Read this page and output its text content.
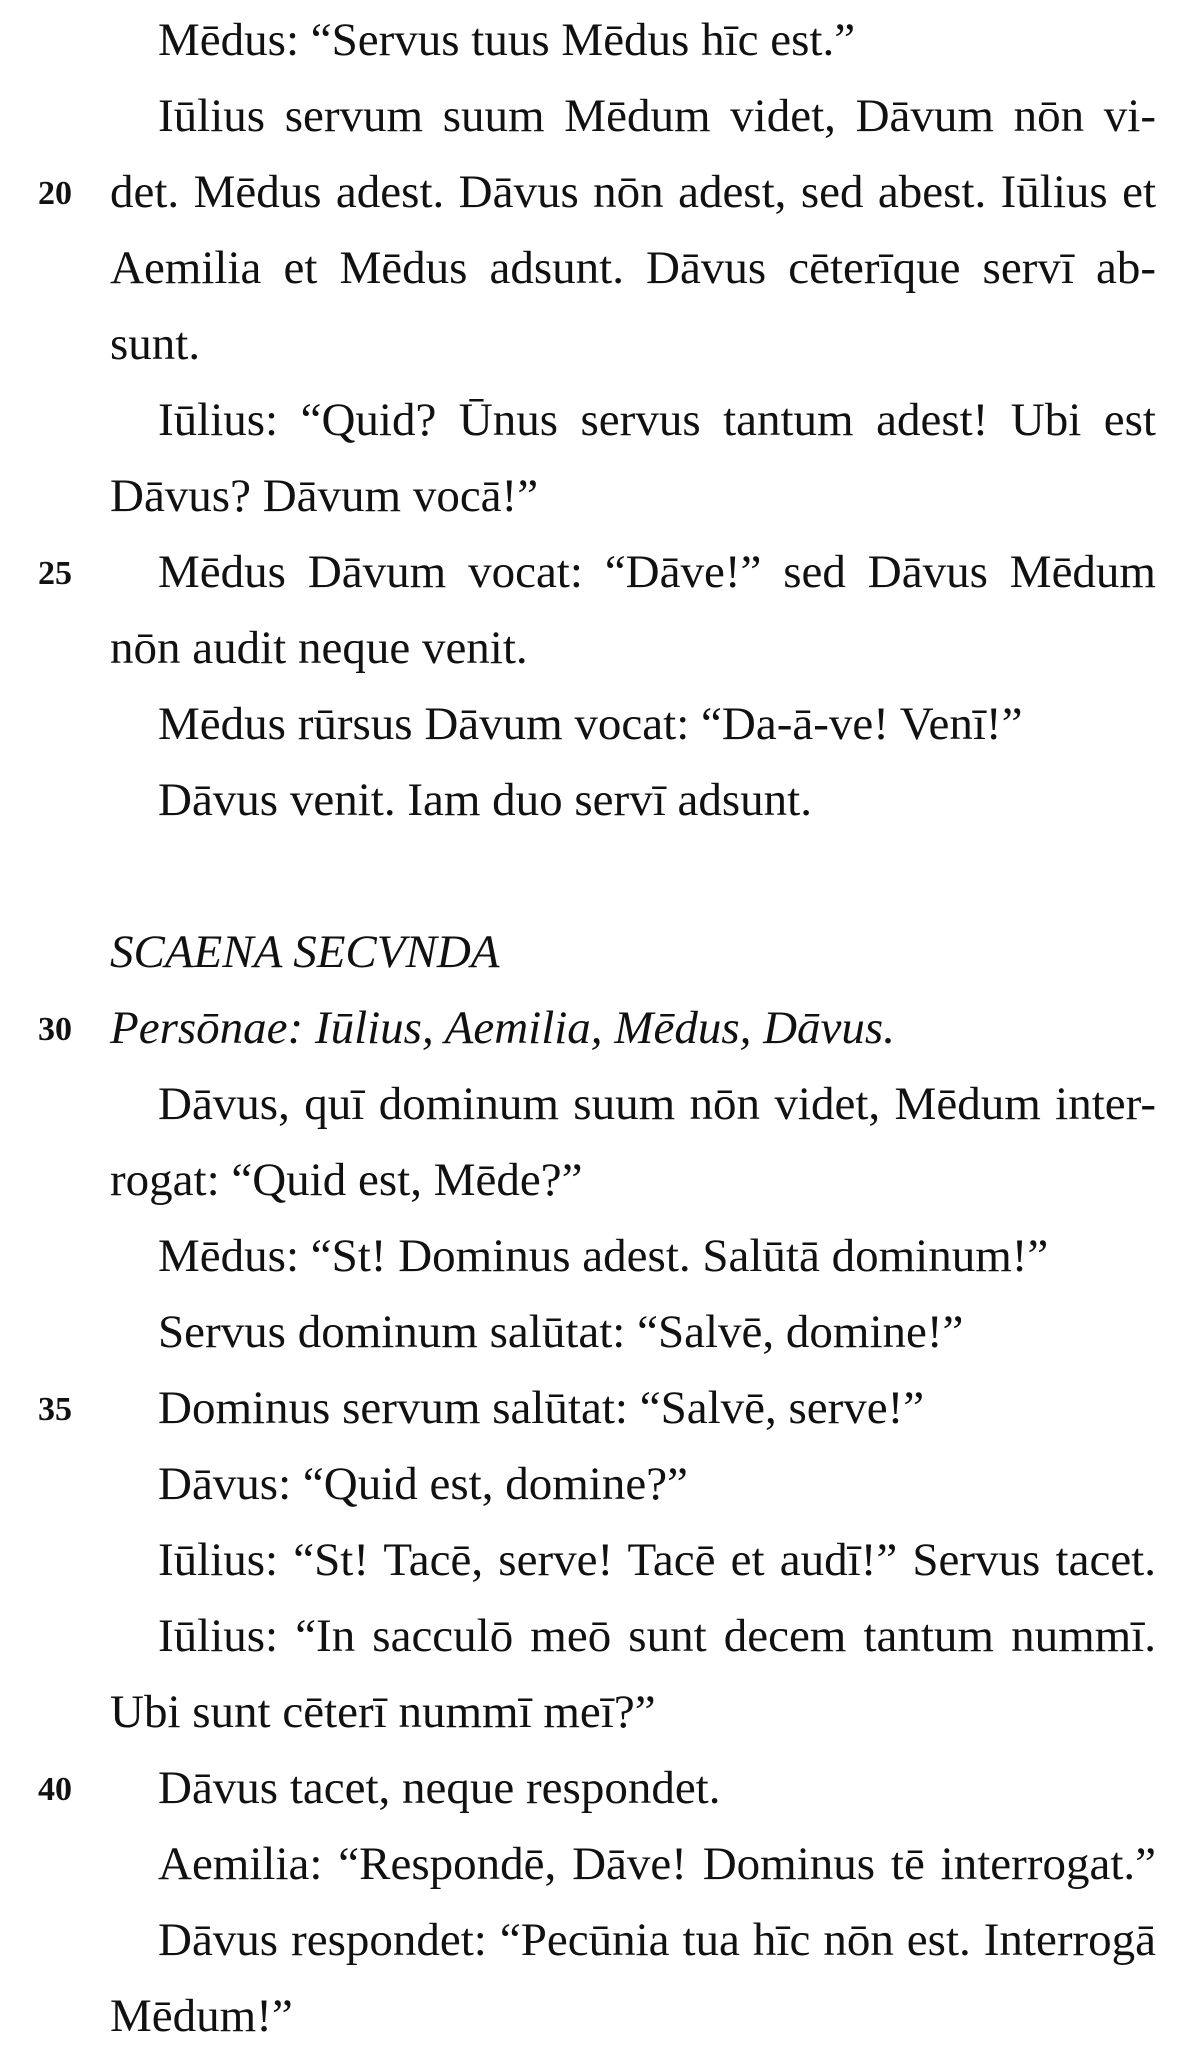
Mēdus: “Servus tuus Mēdus hīc est.”
Iūlius servum suum Mēdum videt, Dāvum nōn vi-
20 det. Mēdus adest. Dāvus nōn adest, sed abest. Iūlius et
Aemilia et Mēdus adsunt. Dāvus cēterīque servī ab-
sunt.
Iūlius: “Quid? Ūnus servus tantum adest! Ubi est
Dāvus? Dāvum vocā!”
25 Mēdus Dāvum vocat: “Dāve!” sed Dāvus Mēdum
nōn audit neque venit.
Mēdus rūrsus Dāvum vocat: “Da-ā-ve! Venī!”
Dāvus venit. Iam duo servī adsunt.
SCAENA SECVNDA
30 Persōnae: Iūlius, Aemilia, Mēdus, Dāvus.
Dāvus, quī dominum suum nōn videt, Mēdum inter-
rogat: “Quid est, Mēde?”
Mēdus: “St! Dominus adest. Salūtā dominum!”
Servus dominum salūtat: “Salvē, domine!”
35 Dominus servum salūtat: “Salvē, serve!”
Dāvus: “Quid est, domine?”
Iūlius: “St! Tacē, serve! Tacē et audī!” Servus tacet.
Iūlius: “In sacculō meō sunt decem tantum nummī.
Ubi sunt cēterī nummī meī?”
40 Dāvus tacet, neque respondet.
Aemilia: “Respondē, Dāve! Dominus tē interrogat.”
Dāvus respondet: “Pecūnia tua hīc nōn est. Interrogā
Mēdum!”
